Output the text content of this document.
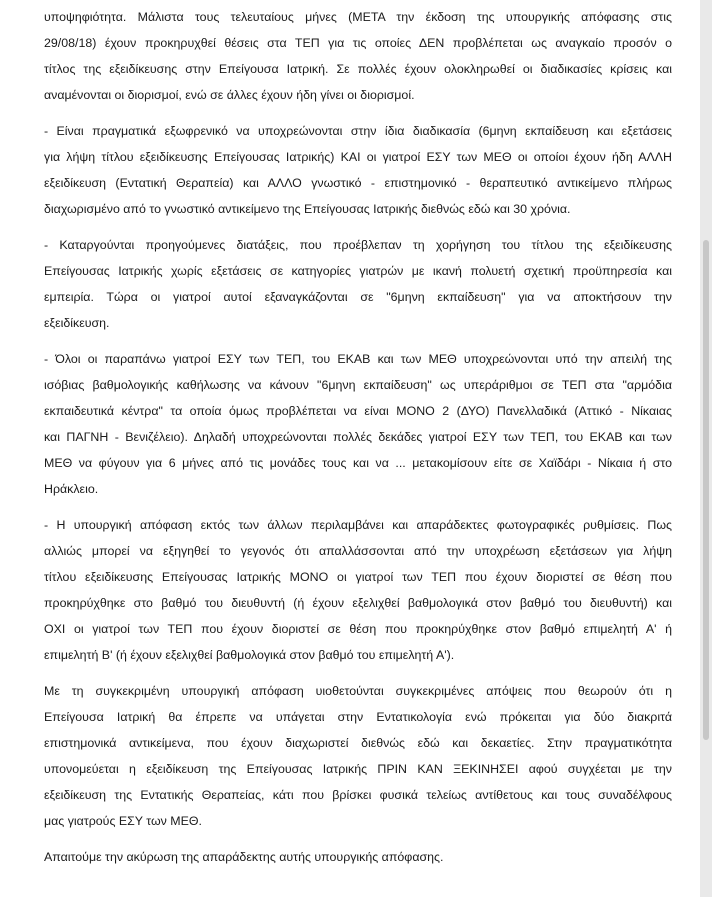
υποψηφιότητα. Μάλιστα τους τελευταίους μήνες (ΜΕΤΑ την έκδοση της υπουργικής απόφασης στις
29/08/18) έχουν προκηρυχθεί θέσεις στα ΤΕΠ για τις οποίες ΔΕΝ προβλέπεται ως αναγκαίο προσόν ο
τίτλος της εξειδίκευσης στην Επείγουσα Ιατρική. Σε πολλές έχουν ολοκληρωθεί οι διαδικασίες κρίσεις και
αναμένονται οι διορισμοί, ενώ σε άλλες έχουν ήδη γίνει οι διορισμοί.

- Είναι πραγματικά εξωφρενικό να υποχρεώνονται στην ίδια διαδικασία (6μηνη εκπαίδευση και εξετάσεις
για λήψη τίτλου εξειδίκευσης Επείγουσας Ιατρικής) ΚΑΙ οι γιατροί ΕΣΥ των ΜΕΘ οι οποίοι έχουν ήδη ΑΛΛΗ
εξειδίκευση (Εντατική Θεραπεία) και ΑΛΛΟ γνωστικό - επιστημονικό - θεραπευτικό αντικείμενο πλήρως
διαχωρισμένο από το γνωστικό αντικείμενο της Επείγουσας Ιατρικής διεθνώς εδώ και 30 χρόνια.

- Καταργούνται προηγούμενες διατάξεις, που προέβλεπαν τη χορήγηση του τίτλου της εξειδίκευσης
Επείγουσας Ιατρικής χωρίς εξετάσεις σε κατηγορίες γιατρών με ικανή πολυετή σχετική προϋπηρεσία και
εμπειρία. Τώρα οι γιατροί αυτοί εξαναγκάζονται σε "6μηνη εκπαίδευση" για να αποκτήσουν την
εξειδίκευση.

- Όλοι οι παραπάνω γιατροί ΕΣΥ των ΤΕΠ, του ΕΚΑΒ και των ΜΕΘ υποχρεώνονται υπό την απειλή της
ισόβιας βαθμολογικής καθήλωσης να κάνουν "6μηνη εκπαίδευση" ως υπεράριθμοι σε ΤΕΠ στα "αρμόδια
εκπαιδευτικά κέντρα" τα οποία όμως προβλέπεται να είναι ΜΟΝΟ 2 (ΔΥΟ) Πανελλαδικά (Αττικό - Νίκαιας
και ΠΑΓΝΗ - Βενιζέλειο). Δηλαδή υποχρεώνονται πολλές δεκάδες γιατροί ΕΣΥ των ΤΕΠ, του ΕΚΑΒ και των
ΜΕΘ να φύγουν για 6 μήνες από τις μονάδες τους και να ... μετακομίσουν είτε σε Χαϊδάρι - Νίκαια ή στο
Ηράκλειο.

- Η υπουργική απόφαση εκτός των άλλων περιλαμβάνει και απαράδεκτες φωτογραφικές ρυθμίσεις. Πως
αλλιώς μπορεί να εξηγηθεί το γεγονός ότι απαλλάσσονται από την υποχρέωση εξετάσεων για λήψη
τίτλου εξειδίκευσης Επείγουσας Ιατρικής ΜΟΝΟ οι γιατροί των ΤΕΠ που έχουν διοριστεί σε θέση που
προκηρύχθηκε στο βαθμό του διευθυντή (ή έχουν εξελιχθεί βαθμολογικά στον βαθμό του διευθυντή) και
ΟΧΙ οι γιατροί των ΤΕΠ που έχουν διοριστεί σε θέση που προκηρύχθηκε στον βαθμό επιμελητή Α' ή
επιμελητή Β' (ή έχουν εξελιχθεί βαθμολογικά στον βαθμό του επιμελητή Α').

Με τη συγκεκριμένη υπουργική απόφαση υιοθετούνται συγκεκριμένες απόψεις που θεωρούν ότι η
Επείγουσα Ιατρική θα έπρεπε να υπάγεται στην Εντατικολογία ενώ πρόκειται για δύο διακριτά
επιστημονικά αντικείμενα, που έχουν διαχωριστεί διεθνώς εδώ και δεκαετίες. Στην πραγματικότητα
υπονομεύεται η εξειδίκευση της Επείγουσας Ιατρικής ΠΡΙΝ ΚΑΝ ΞΕΚΙΝΗΣΕΙ αφού συγχέεται με την
εξειδίκευση της Εντατικής Θεραπείας, κάτι που βρίσκει φυσικά τελείως αντίθετους και τους συναδέλφους
μας γιατρούς ΕΣΥ των ΜΕΘ.

Απαιτούμε την ακύρωση της απαράδεκτης αυτής υπουργικής απόφασης.
